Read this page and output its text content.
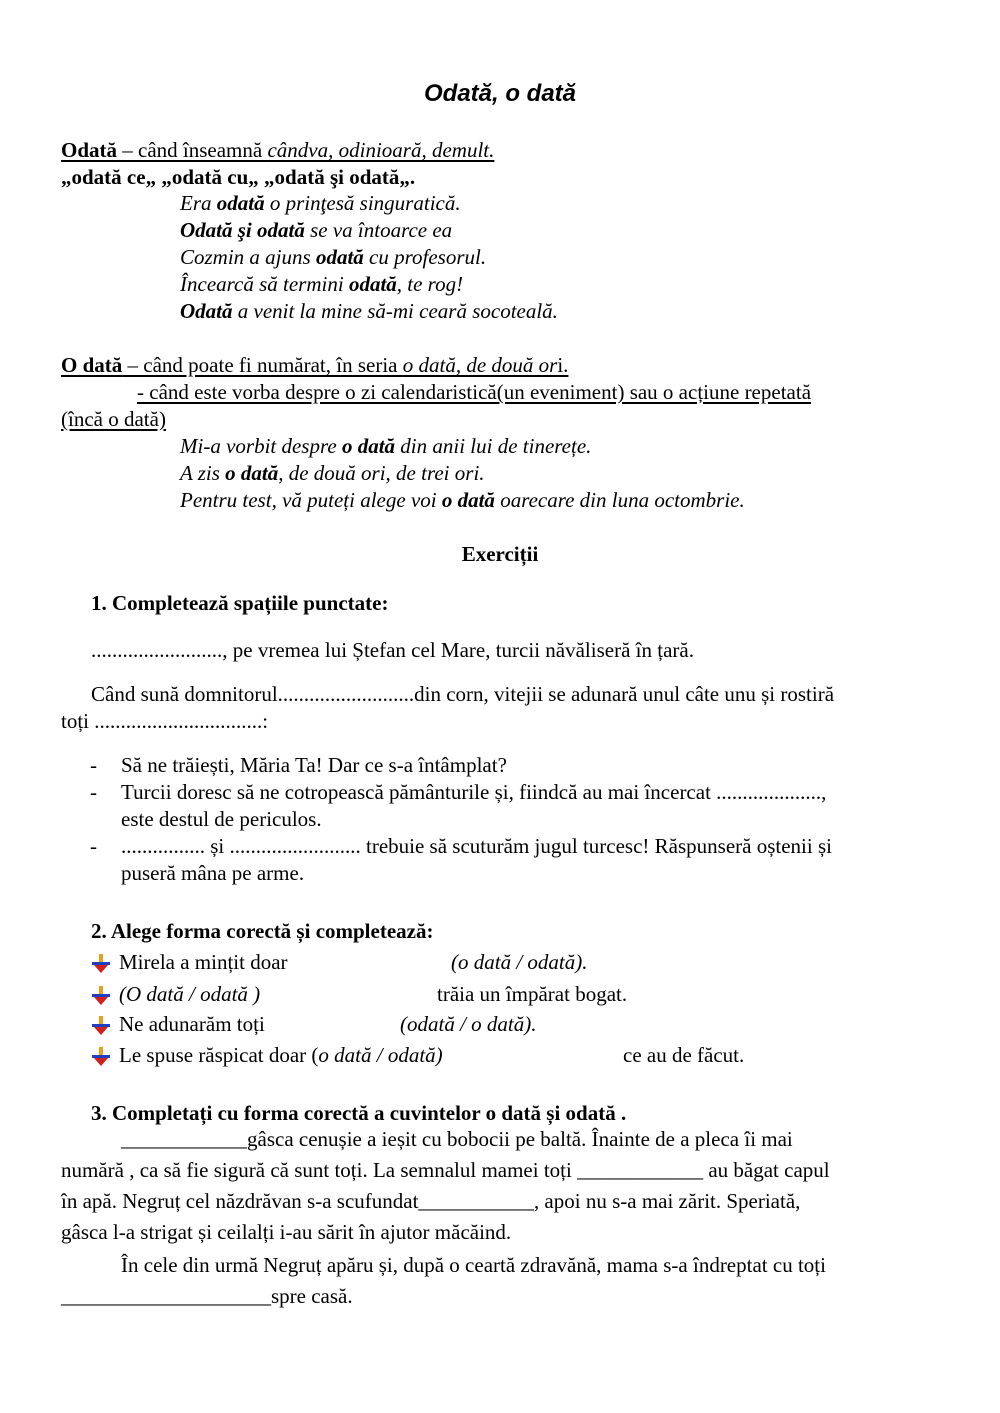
Odată, o dată
Odată – când înseamnă cândva, odinioară, demult.
„odată ce„ „odată cu„ „odată şi odată„.
Era odată o prinţesă singuratică.
Odată şi odată se va întoarce ea
Cozmin a ajuns odată cu profesorul.
Încearcă să termini odată, te rog!
Odată a venit la mine să-mi ceară socoteală.
O dată – când poate fi numărat, în seria o dată, de două ori.
- când este vorba despre o zi calendaristică(un eveniment) sau o acțiune repetată
(încă o dată)
Mi-a vorbit despre o dată din anii lui de tinerețe.
A zis o dată, de două ori, de trei ori.
Pentru test, vă puteți alege voi o dată oarecare din luna octombrie.
Exerciții
1. Completează spațiile punctate:
........................., pe vremea lui Ștefan cel Mare, turcii năvăliseră în țară.
Când sună domnitorul..........................din corn, vitejii se adunară unul câte unu și rostiră
toți ................................:
- Să ne trăiești, Măria Ta! Dar ce s-a întâmplat?
- Turcii doresc să ne cotropească pământurile și, fiindcă au mai încercat ....................,
este destul de periculos.
- ................ și ......................... trebuie să scuturăm jugul turcesc! Răspunseră oștenii și
puseră mâna pe arme.
2. Alege forma corectă și completează:
Mirela a mințit doar	(o dată / odată).
(O dată / odată )	trăia un împărat bogat.
Ne adunarăm toți	(odată / o dată).
Le spuse răspicat doar (o dată / odată)	ce au de făcut.
3. Completați cu forma corectă a cuvintelor o dată și odată .
____________gâsca cenușie a ieșit cu bobocii pe baltă. Înainte de a pleca îi mai
numără , ca să fie sigură că sunt toți. La semnalul mamei toți ____________ au băgat capul
în apă. Negruț cel năzdrăvan s-a scufundat___________, apoi nu s-a mai zărit. Speriată,
gâsca l-a strigat și ceilalți i-au sărit în ajutor măcăind.
În cele din urmă Negruț apăru și, după o ceartă zdravănă, mama s-a îndreptat cu toți
____________________spre casă.
